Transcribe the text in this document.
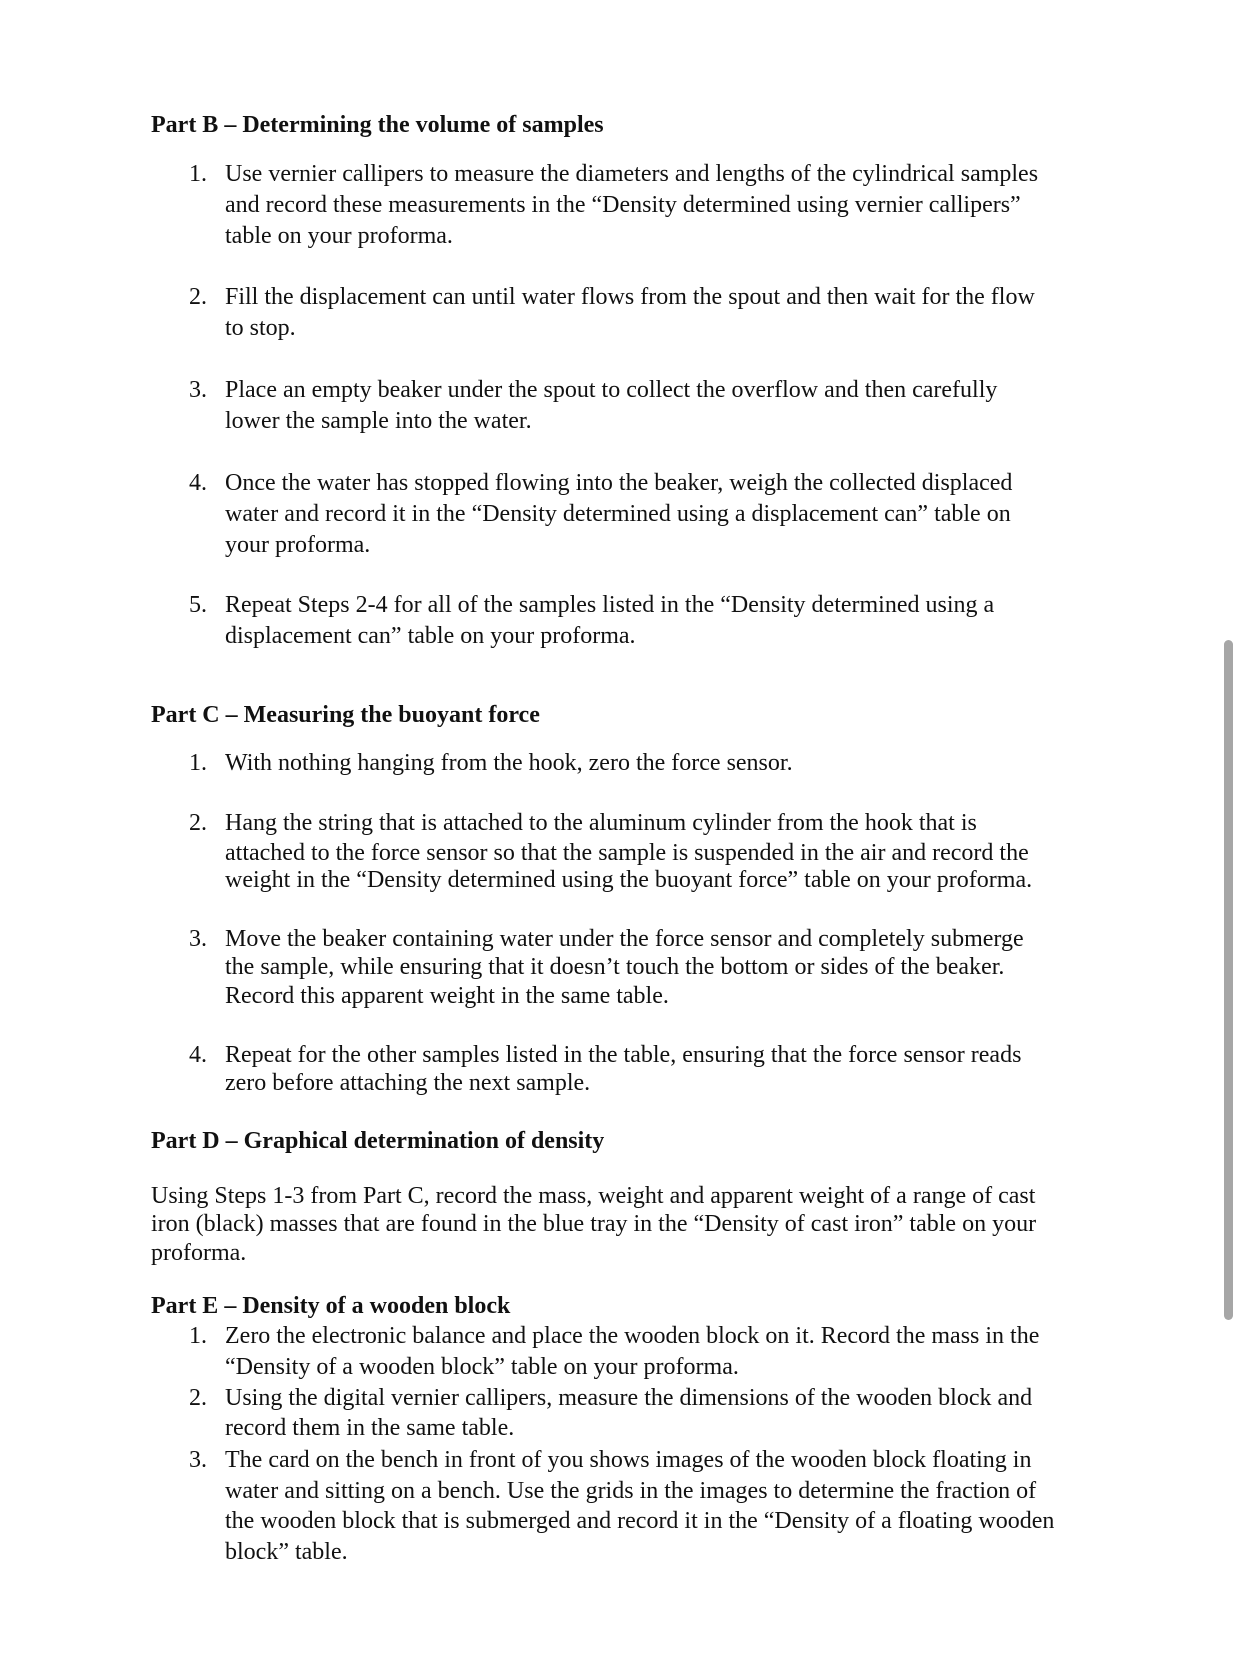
Part B – Determining the volume of samples
1. Use vernier callipers to measure the diameters and lengths of the cylindrical samples
and record these measurements in the “Density determined using vernier callipers”
table on your proforma.
2. Fill the displacement can until water flows from the spout and then wait for the flow
to stop.
3. Place an empty beaker under the spout to collect the overflow and then carefully
lower the sample into the water.
4. Once the water has stopped flowing into the beaker, weigh the collected displaced
water and record it in the “Density determined using a displacement can” table on
your proforma.
5. Repeat Steps 2-4 for all of the samples listed in the “Density determined using a
displacement can” table on your proforma.
Part C – Measuring the buoyant force
1. With nothing hanging from the hook, zero the force sensor.
2. Hang the string that is attached to the aluminum cylinder from the hook that is
attached to the force sensor so that the sample is suspended in the air and record the
weight in the “Density determined using the buoyant force” table on your proforma.
3. Move the beaker containing water under the force sensor and completely submerge
the sample, while ensuring that it doesn’t touch the bottom or sides of the beaker.
Record this apparent weight in the same table.
4. Repeat for the other samples listed in the table, ensuring that the force sensor reads
zero before attaching the next sample.
Part D – Graphical determination of density
Using Steps 1-3 from Part C, record the mass, weight and apparent weight of a range of cast
iron (black) masses that are found in the blue tray in the “Density of cast iron” table on your
proforma.
Part E – Density of a wooden block
1. Zero the electronic balance and place the wooden block on it. Record the mass in the
“Density of a wooden block” table on your proforma.
2. Using the digital vernier callipers, measure the dimensions of the wooden block and
record them in the same table.
3. The card on the bench in front of you shows images of the wooden block floating in
water and sitting on a bench. Use the grids in the images to determine the fraction of
the wooden block that is submerged and record it in the “Density of a floating wooden
block” table.
